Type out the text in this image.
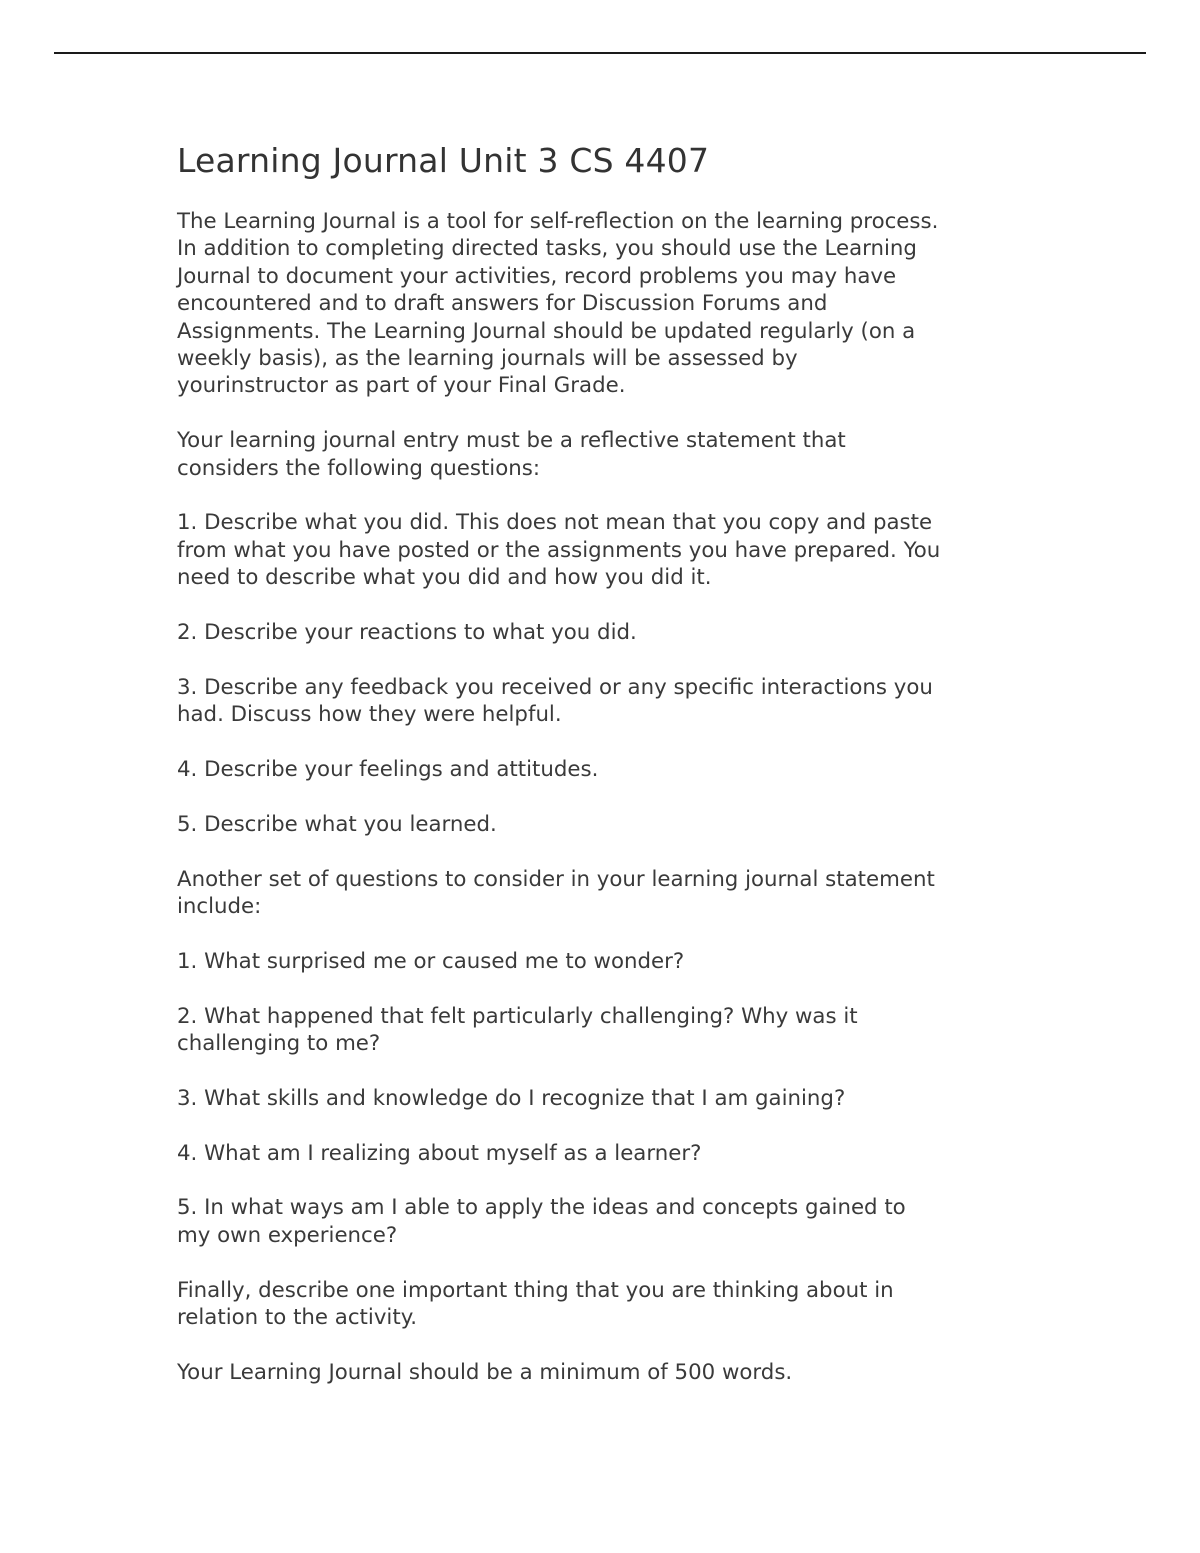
Learning Journal Unit 3 CS 4407

The Learning Journal is a tool for self-reflection on the learning process.
In addition to completing directed tasks, you should use the Learning
Journal to document your activities, record problems you may have
encountered and to draft answers for Discussion Forums and
Assignments. The Learning Journal should be updated regularly (on a
weekly basis), as the learning journals will be assessed by
yourinstructor as part of your Final Grade.

Your learning journal entry must be a reflective statement that
considers the following questions:

1. Describe what you did. This does not mean that you copy and paste
from what you have posted or the assignments you have prepared. You
need to describe what you did and how you did it.

2. Describe your reactions to what you did.

3. Describe any feedback you received or any specific interactions you
had. Discuss how they were helpful.

4. Describe your feelings and attitudes.

5. Describe what you learned.

Another set of questions to consider in your learning journal statement
include:

1. What surprised me or caused me to wonder?

2. What happened that felt particularly challenging? Why was it
challenging to me?

3. What skills and knowledge do I recognize that I am gaining?

4. What am I realizing about myself as a learner?

5. In what ways am I able to apply the ideas and concepts gained to
my own experience?

Finally, describe one important thing that you are thinking about in
relation to the activity.

Your Learning Journal should be a minimum of 500 words.
